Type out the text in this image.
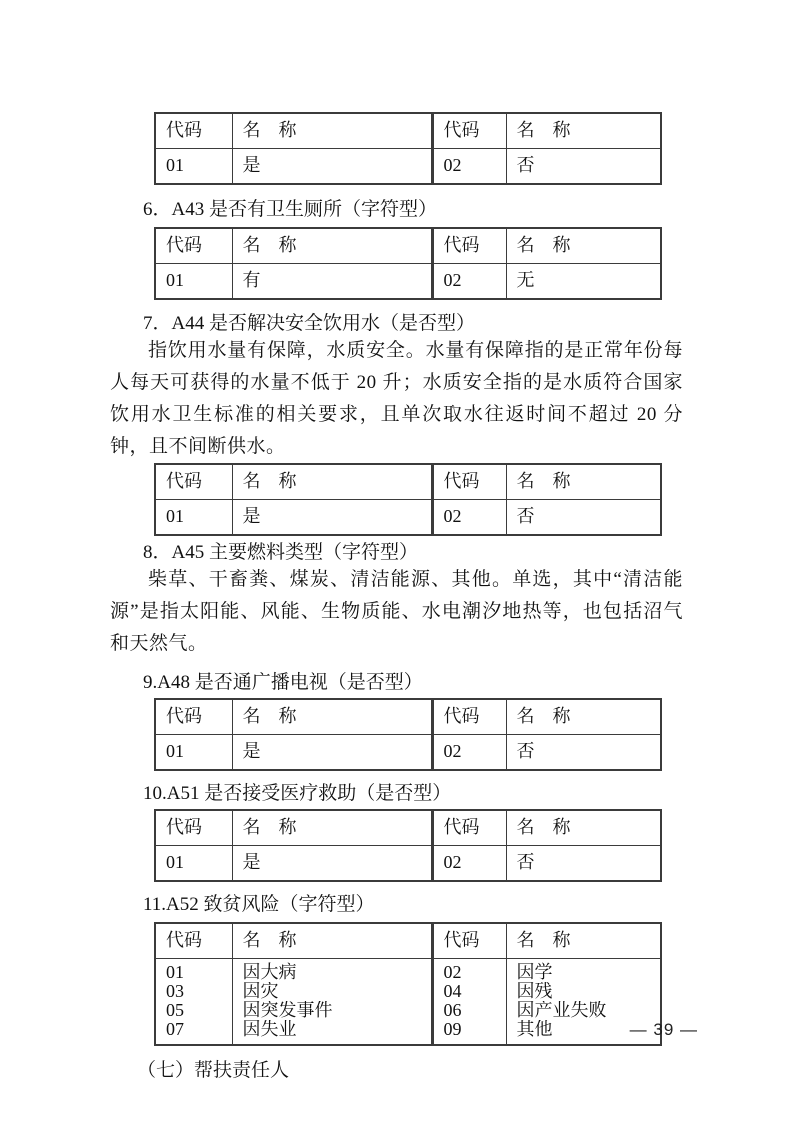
代码	名　称	代码	名　称
01	是	02	否
6．A43 是否有卫生厕所（字符型）
代码	名　称	代码	名　称
01	有	02	无
7．A44 是否解决安全饮用水（是否型）
指饮用水量有保障，水质安全。水量有保障指的是正常年份每人每天可获得的水量不低于 20 升；水质安全指的是水质符合国家饮用水卫生标准的相关要求，且单次取水往返时间不超过 20 分钟，且不间断供水。
代码	名　称	代码	名　称
01	是	02	否
8．A45 主要燃料类型（字符型）
柴草、干畜粪、煤炭、清洁能源、其他。单选，其中“清洁能源”是指太阳能、风能、生物质能、水电潮汐地热等，也包括沼气和天然气。
9.A48 是否通广播电视（是否型）
代码	名　称	代码	名　称
01	是	02	否
10.A51 是否接受医疗救助（是否型）
代码	名　称	代码	名　称
01	是	02	否
11.A52 致贫风险（字符型）
代码	名　称	代码	名　称
01	因大病	02	因学
03	因灾	04	因残
05	因突发事件	06	因产业失败
07	因失业	09	其他
（七）帮扶责任人
— 39 —
